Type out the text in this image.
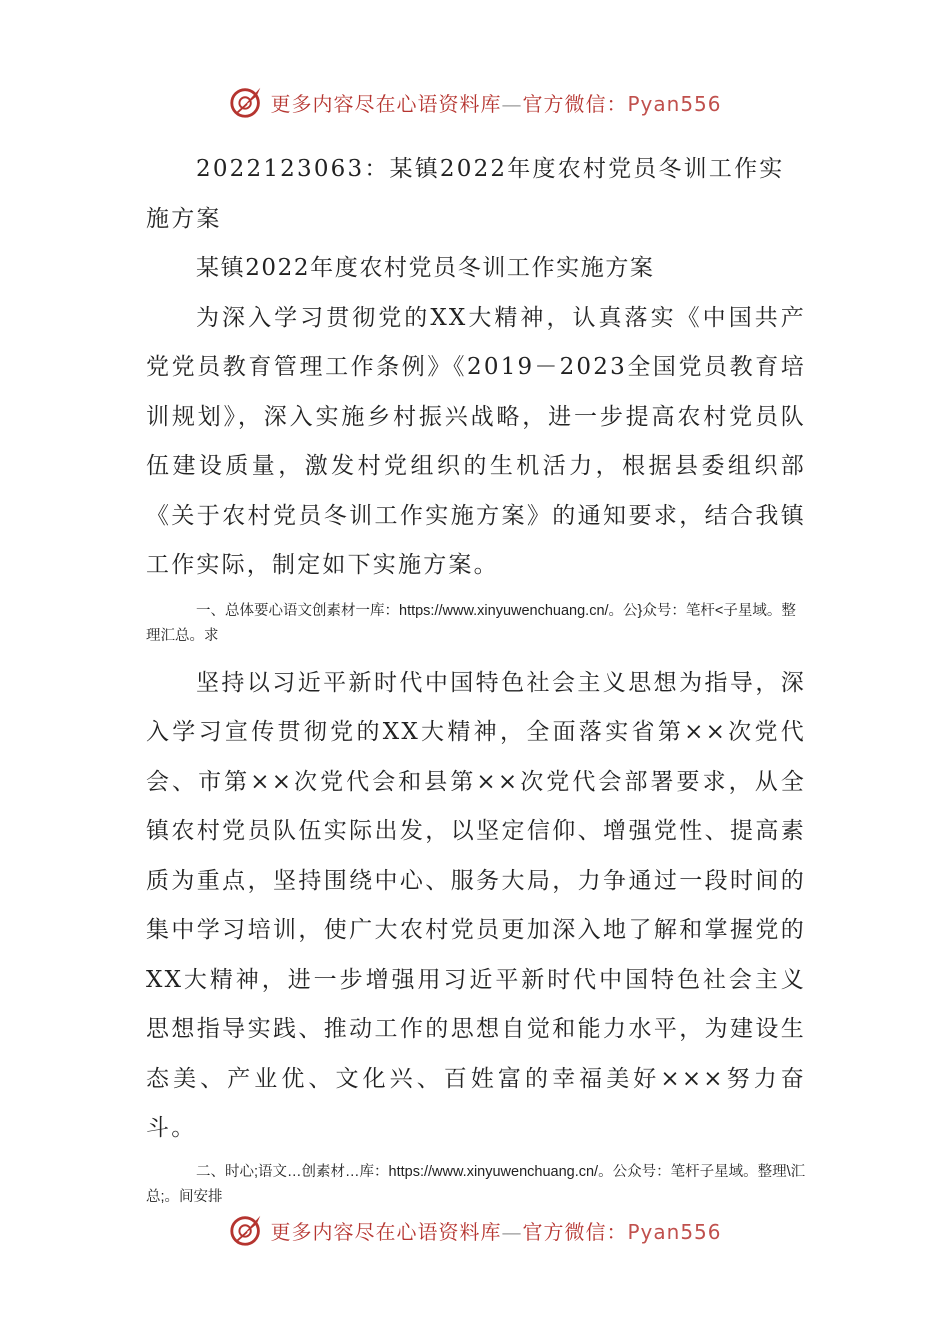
更多内容尽在心语资料库—官方微信：Pyan556

2022123063：某镇2022年度农村党员冬训工作实施方案

某镇2022年度农村党员冬训工作实施方案

为深入学习贯彻党的XX大精神，认真落实《中国共产党党员教育管理工作条例》《2019－2023全国党员教育培训规划》，深入实施乡村振兴战略，进一步提高农村党员队伍建设质量，激发村党组织的生机活力，根据县委组织部《关于农村党员冬训工作实施方案》的通知要求，结合我镇工作实际，制定如下实施方案。

一、总体要心语文创素材一库：https://www.xinyuwenchuang.cn/。公}众号：笔杆<子星域。整理汇总。求

坚持以习近平新时代中国特色社会主义思想为指导，深入学习宣传贯彻党的XX大精神，全面落实省第××次党代会、市第××次党代会和县第××次党代会部署要求，从全镇农村党员队伍实际出发，以坚定信仰、增强党性、提高素质为重点，坚持围绕中心、服务大局，力争通过一段时间的集中学习培训，使广大农村党员更加深入地了解和掌握党的XX大精神，进一步增强用习近平新时代中国特色社会主义思想指导实践、推动工作的思想自觉和能力水平，为建设生态美、产业优、文化兴、百姓富的幸福美好×××努力奋斗。

二、时心;语文…创素材…库：https://www.xinyuwenchuang.cn/。公众号：笔杆子星域。整理\汇总;。间安排

更多内容尽在心语资料库—官方微信：Pyan556
